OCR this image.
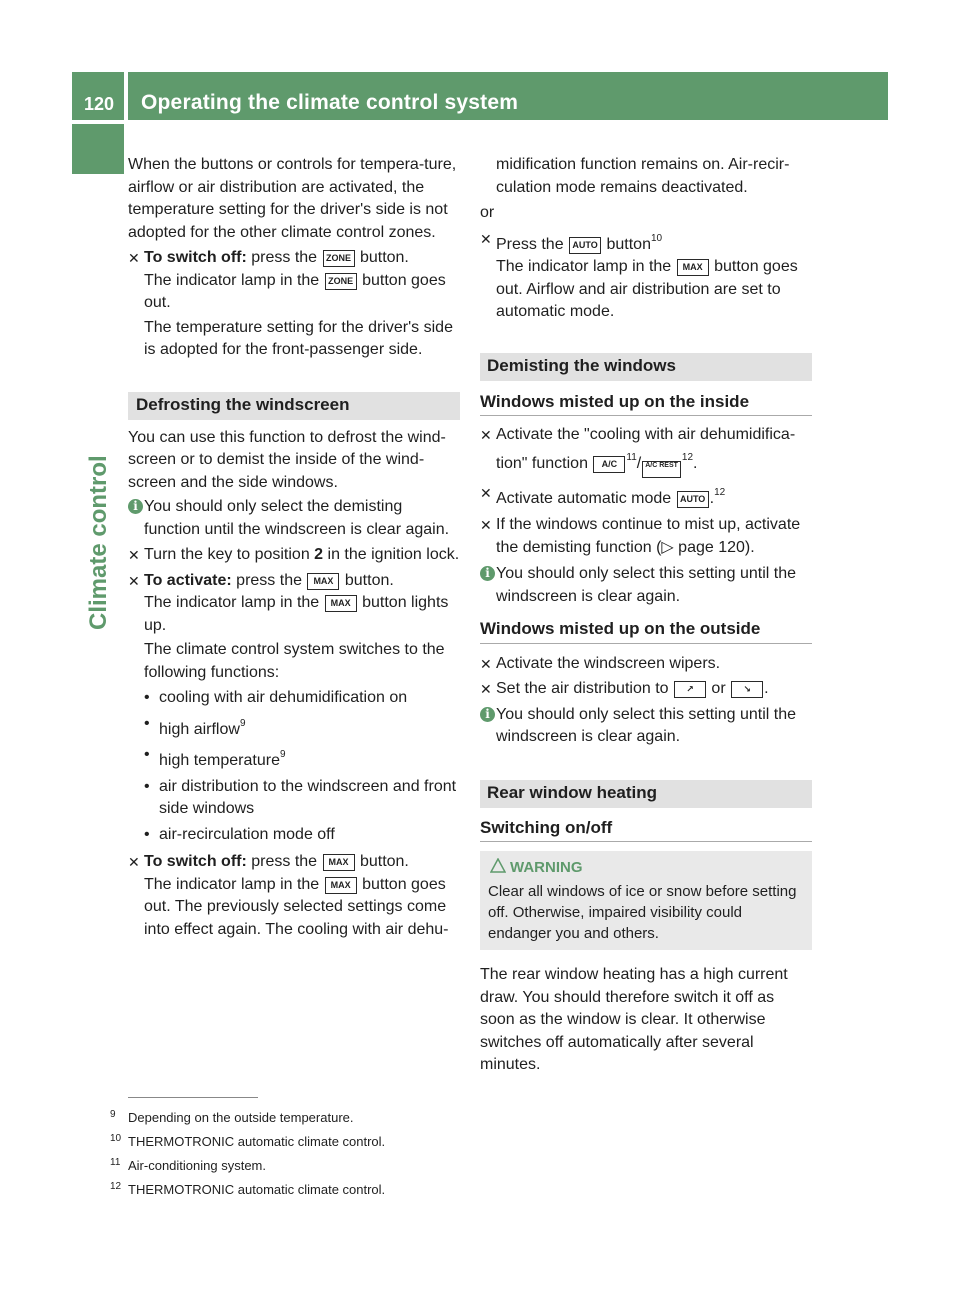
120 Operating the climate control system
Climate control

When the buttons or controls for tempera-ture, airflow or air distribution are activated, the temperature setting for the driver's side is not adopted for the other climate control zones.

✕ To switch off: press the ZONE button.
The indicator lamp in the ZONE button goes out.

The temperature setting for the driver's side is adopted for the front-passenger side.

Defrosting the windscreen

You can use this function to defrost the wind-screen or to demist the inside of the wind-screen and the side windows.

i You should only select the demisting function until the windscreen is clear again.
✕ Turn the key to position 2 in the ignition lock.
✕ To activate: press the MAX button.
The indicator lamp in the MAX button lights up.

The climate control system switches to the following functions:

• cooling with air dehumidification on
• high airflow$^9$
• high temperature$^9$
• air distribution to the windscreen and front side windows
• air-recirculation mode off
✕ To switch off: press the MAX button.
The indicator lamp in the MAX button goes out. The previously selected settings come into effect again. The cooling with air dehu-

midification function remains on. Air-recir-culation mode remains deactivated.

or

✕ Press the AUTO button$^{10}$
The indicator lamp in the MAX button goes out. Airflow and air distribution are set to automatic mode.
Demisting the windows
Windows misted up on the inside
✕ Activate the "cooling with air dehumidifica-tion" function $A/C^{11}/$ A/C REST$^{12}$.
✕ Activate automatic mode AUTO .$^{12}$
✕ If the windows continue to mist up, activate the demisting function (▷ page 120).
i You should only select this setting until the windscreen is clear again.
Windows misted up on the outside
✕ Activate the windscreen wipers.
✕ Set the air distribution to ↗ or ↘ .
i You should only select this setting until the windscreen is clear again.
Rear window heating
Switching on/off
WARNING
Clear all windows of ice or snow before setting off. Otherwise, impaired visibility could endanger you and others.

The rear window heating has a high current draw. You should therefore switch it off as soon as the window is clear. It otherwise switches off automatically after several minutes.

9 Depending on the outside temperature.
10 THERMOTRONIC automatic climate control.
11 Air-conditioning system.
12 THERMOTRONIC automatic climate control.
